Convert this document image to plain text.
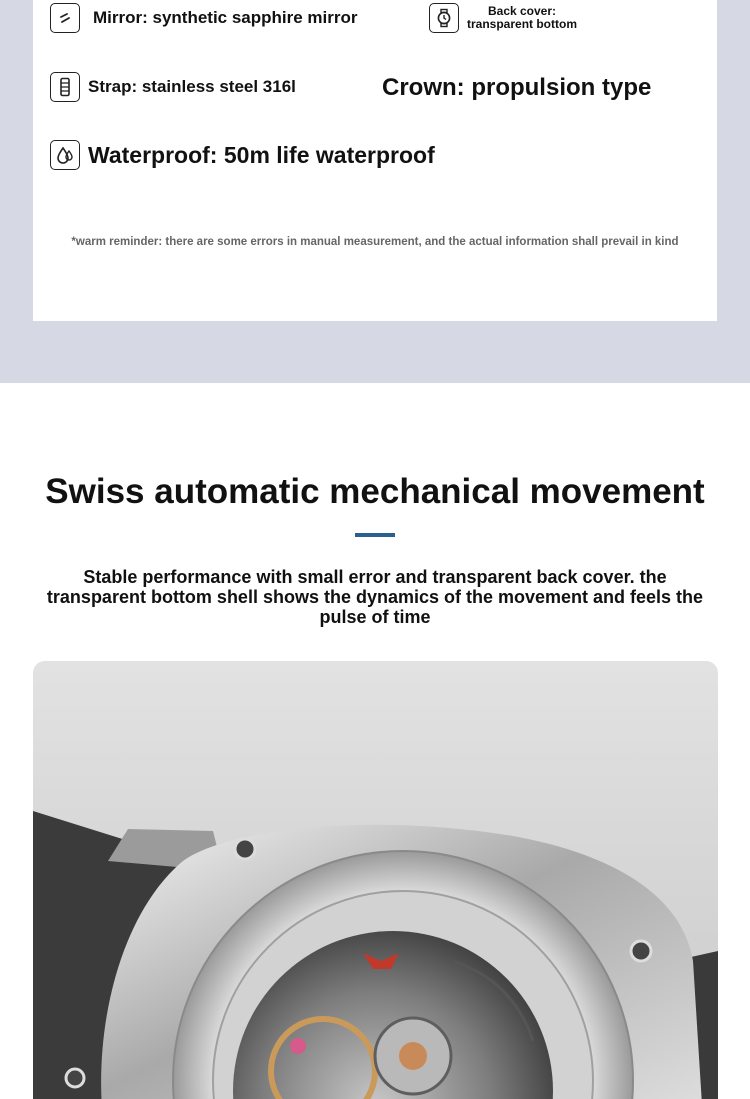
Mirror: synthetic sapphire mirror	Back cover:
transparent bottom
Strap: stainless steel 316l	Crown: propulsion type
Waterproof: 50m life waterproof
*warm reminder: there are some errors in manual measurement, and the actual information shall prevail in kind
Swiss automatic mechanical movement

Stable performance with small error and transparent back cover. the transparent bottom shell shows the dynamics of the movement and feels the pulse of time
